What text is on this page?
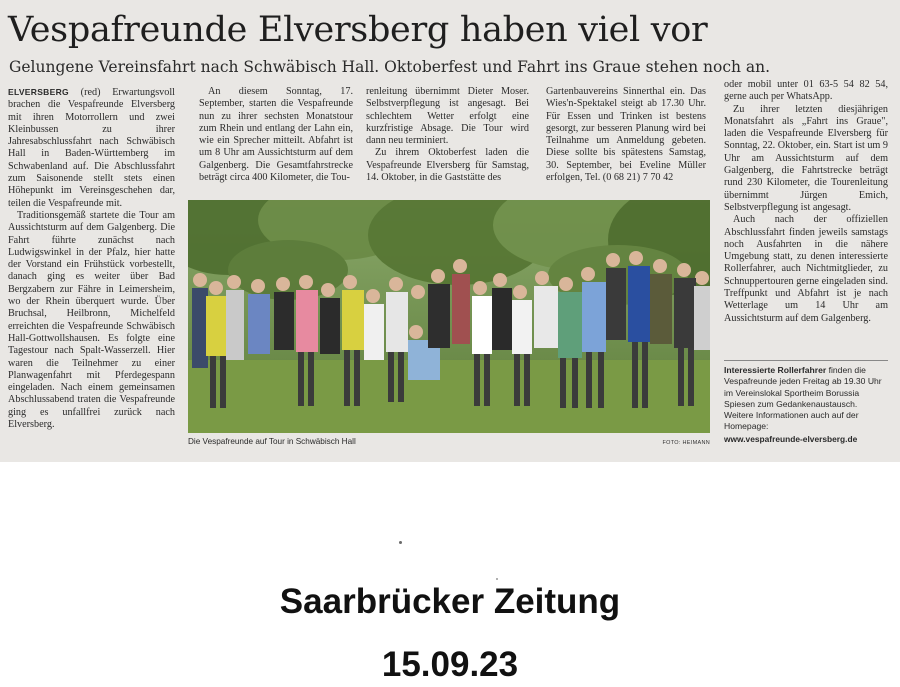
Vespafreunde Elversberg haben viel vor
Gelungene Vereinsfahrt nach Schwäbisch Hall. Oktoberfest und Fahrt ins Graue stehen noch an.

ELVERSBERG (red) Erwartungsvoll brachen die Vespafreunde Elversberg mit ihren Motorrollern und zwei Kleinbussen zu ihrer Jahresabschlussfahrt nach Schwäbisch Hall in Baden-Württemberg im Schwabenland auf. Die Abschlussfahrt zum Saisonende stellt stets einen Höhepunkt im Vereinsgeschehen dar, teilen die Vespafreunde mit.

Traditionsgemäß startete die Tour am Aussichtsturm auf dem Galgenberg. Die Fahrt führte zunächst nach Ludwigswinkel in der Pfalz, hier hatte der Vorstand ein Frühstück vorbestellt, danach ging es weiter über Bad Bergzabern zur Fähre in Leimersheim, wo der Rhein überquert wurde. Über Bruchsal, Heilbronn, Michelfeld erreichten die Vespafreunde Schwäbisch Hall-Gottwollshausen. Es folgte eine Tagestour nach Spalt-Wasserzell. Hier waren die Teilnehmer zu einer Planwagenfahrt mit Pferdegespann eingeladen. Nach einem gemeinsamen Abschlussabend traten die Vespafreunde ging es unfallfrei zurück nach Elversberg.

An diesem Sonntag, 17. September, starten die Vespafreunde nun zu ihrer sechsten Monatstour zum Rhein und entlang der Lahn ein, wie ein Sprecher mitteilt. Abfahrt ist um 8 Uhr am Aussichtsturm auf dem Galgenberg. Die Gesamtfahrstrecke beträgt circa 400 Kilometer, die Tou-

renleitung übernimmt Dieter Moser. Selbstverpflegung ist angesagt. Bei schlechtem Wetter erfolgt eine kurzfristige Absage. Die Tour wird dann neu terminiert.

Zu ihrem Oktoberfest laden die Vespafreunde Elversberg für Samstag, 14. Oktober, in die Gaststätte des

Gartenbauvereins Sinnerthal ein. Das Wies'n-Spektakel steigt ab 17.30 Uhr. Für Essen und Trinken ist bestens gesorgt, zur besseren Planung wird bei Teilnahme um Anmeldung gebeten. Diese sollte bis spätestens Samstag, 30. September, bei Eveline Müller erfolgen, Tel. (0 68 21) 7 70 42

oder mobil unter 01 63-5 54 82 54, gerne auch per WhatsApp.

Zu ihrer letzten diesjährigen Monatsfahrt als „Fahrt ins Graue", laden die Vespafreunde Elversberg für Sonntag, 22. Oktober, ein. Start ist um 9 Uhr am Aussichtsturm auf dem Galgenberg, die Fahrtstrecke beträgt rund 230 Kilometer, die Tourenleitung übernimmt Jürgen Emich, Selbstverpflegung ist angesagt.

Auch nach der offiziellen Abschlussfahrt finden jeweils samstags noch Ausfahrten in die nähere Umgebung statt, zu denen interessierte Rollerfahrer, auch Nichtmitglieder, zu Schnuppertouren gerne eingeladen sind. Treffpunkt und Abfahrt ist je nach Wetterlage um 14 Uhr am Aussichtsturm auf dem Galgenberg.

Die Vespafreunde auf Tour in Schwäbisch Hall	FOTO: HEIMANN
Interessierte Rollerfahrer finden die Vespafreunde jeden Freitag ab 19.30 Uhr im Vereinslokal Sportheim Borussia Spiesen zum Gedankenaustausch. Weitere Informationen auch auf der Homepage:
www.vespafreunde-elversberg.de
Saarbrücker Zeitung
15.09.23
